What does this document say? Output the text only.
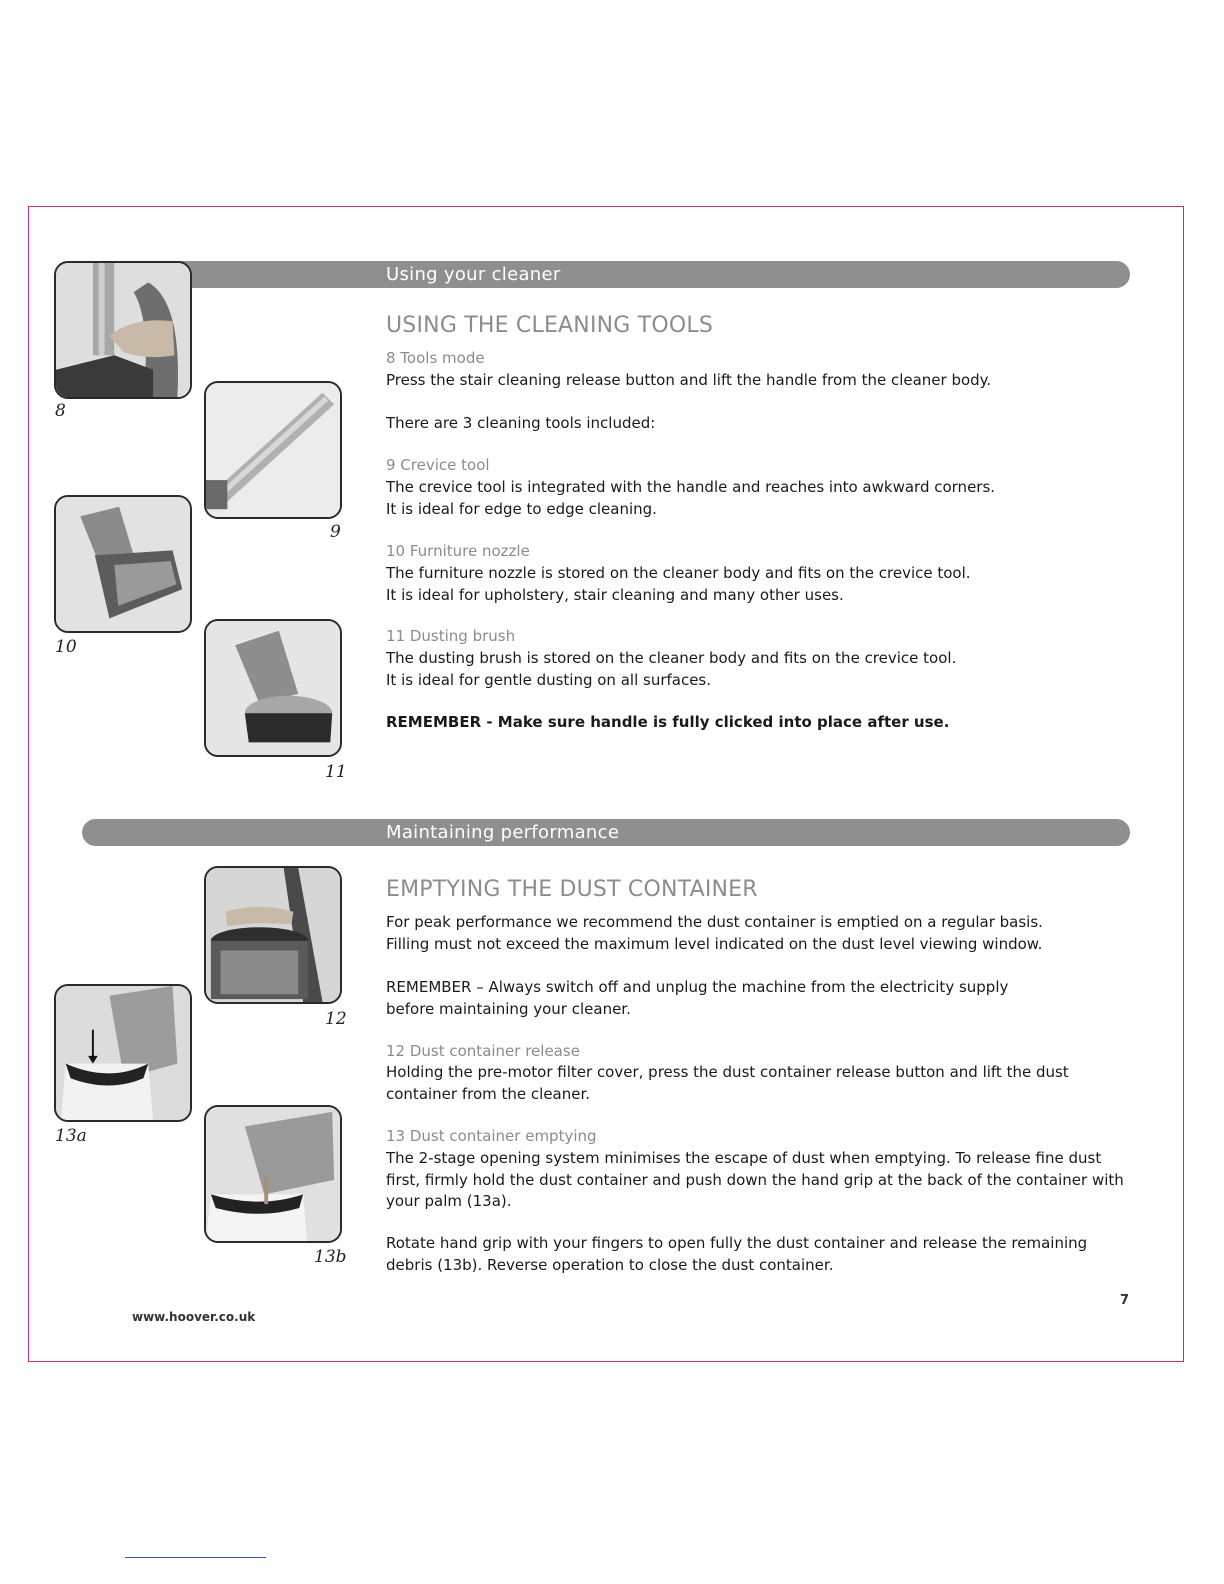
Using your cleaner
8
9
10
11
USING THE CLEANING TOOLS
8 Tools mode
Press the stair cleaning release button and lift the handle from the cleaner body.
There are 3 cleaning tools included:
9 Crevice tool
The crevice tool is integrated with the handle and reaches into awkward corners.
It is ideal for edge to edge cleaning.
10 Furniture nozzle
The furniture nozzle is stored on the cleaner body and fits on the crevice tool.
It is ideal for upholstery, stair cleaning and many other uses.
11 Dusting brush
The dusting brush is stored on the cleaner body and fits on the crevice tool.
It is ideal for gentle dusting on all surfaces.
REMEMBER - Make sure handle is fully clicked into place after use.
Maintaining performance
12
13a
13b
EMPTYING THE DUST CONTAINER
For peak performance we recommend the dust container is emptied on a regular basis.
Filling must not exceed the maximum level indicated on the dust level viewing window.
REMEMBER – Always switch off and unplug the machine from the electricity supply
before maintaining your cleaner.
12 Dust container release
Holding the pre-motor filter cover, press the dust container release button and lift the dust container from the cleaner.
13 Dust container emptying
The 2-stage opening system minimises the escape of dust when emptying. To release fine dust first, firmly hold the dust container and push down the hand grip at the back of the container with your palm (13a).
Rotate hand grip with your fingers to open fully the dust container and release the remaining debris (13b). Reverse operation to close the dust container.
www.hoover.co.uk
7
